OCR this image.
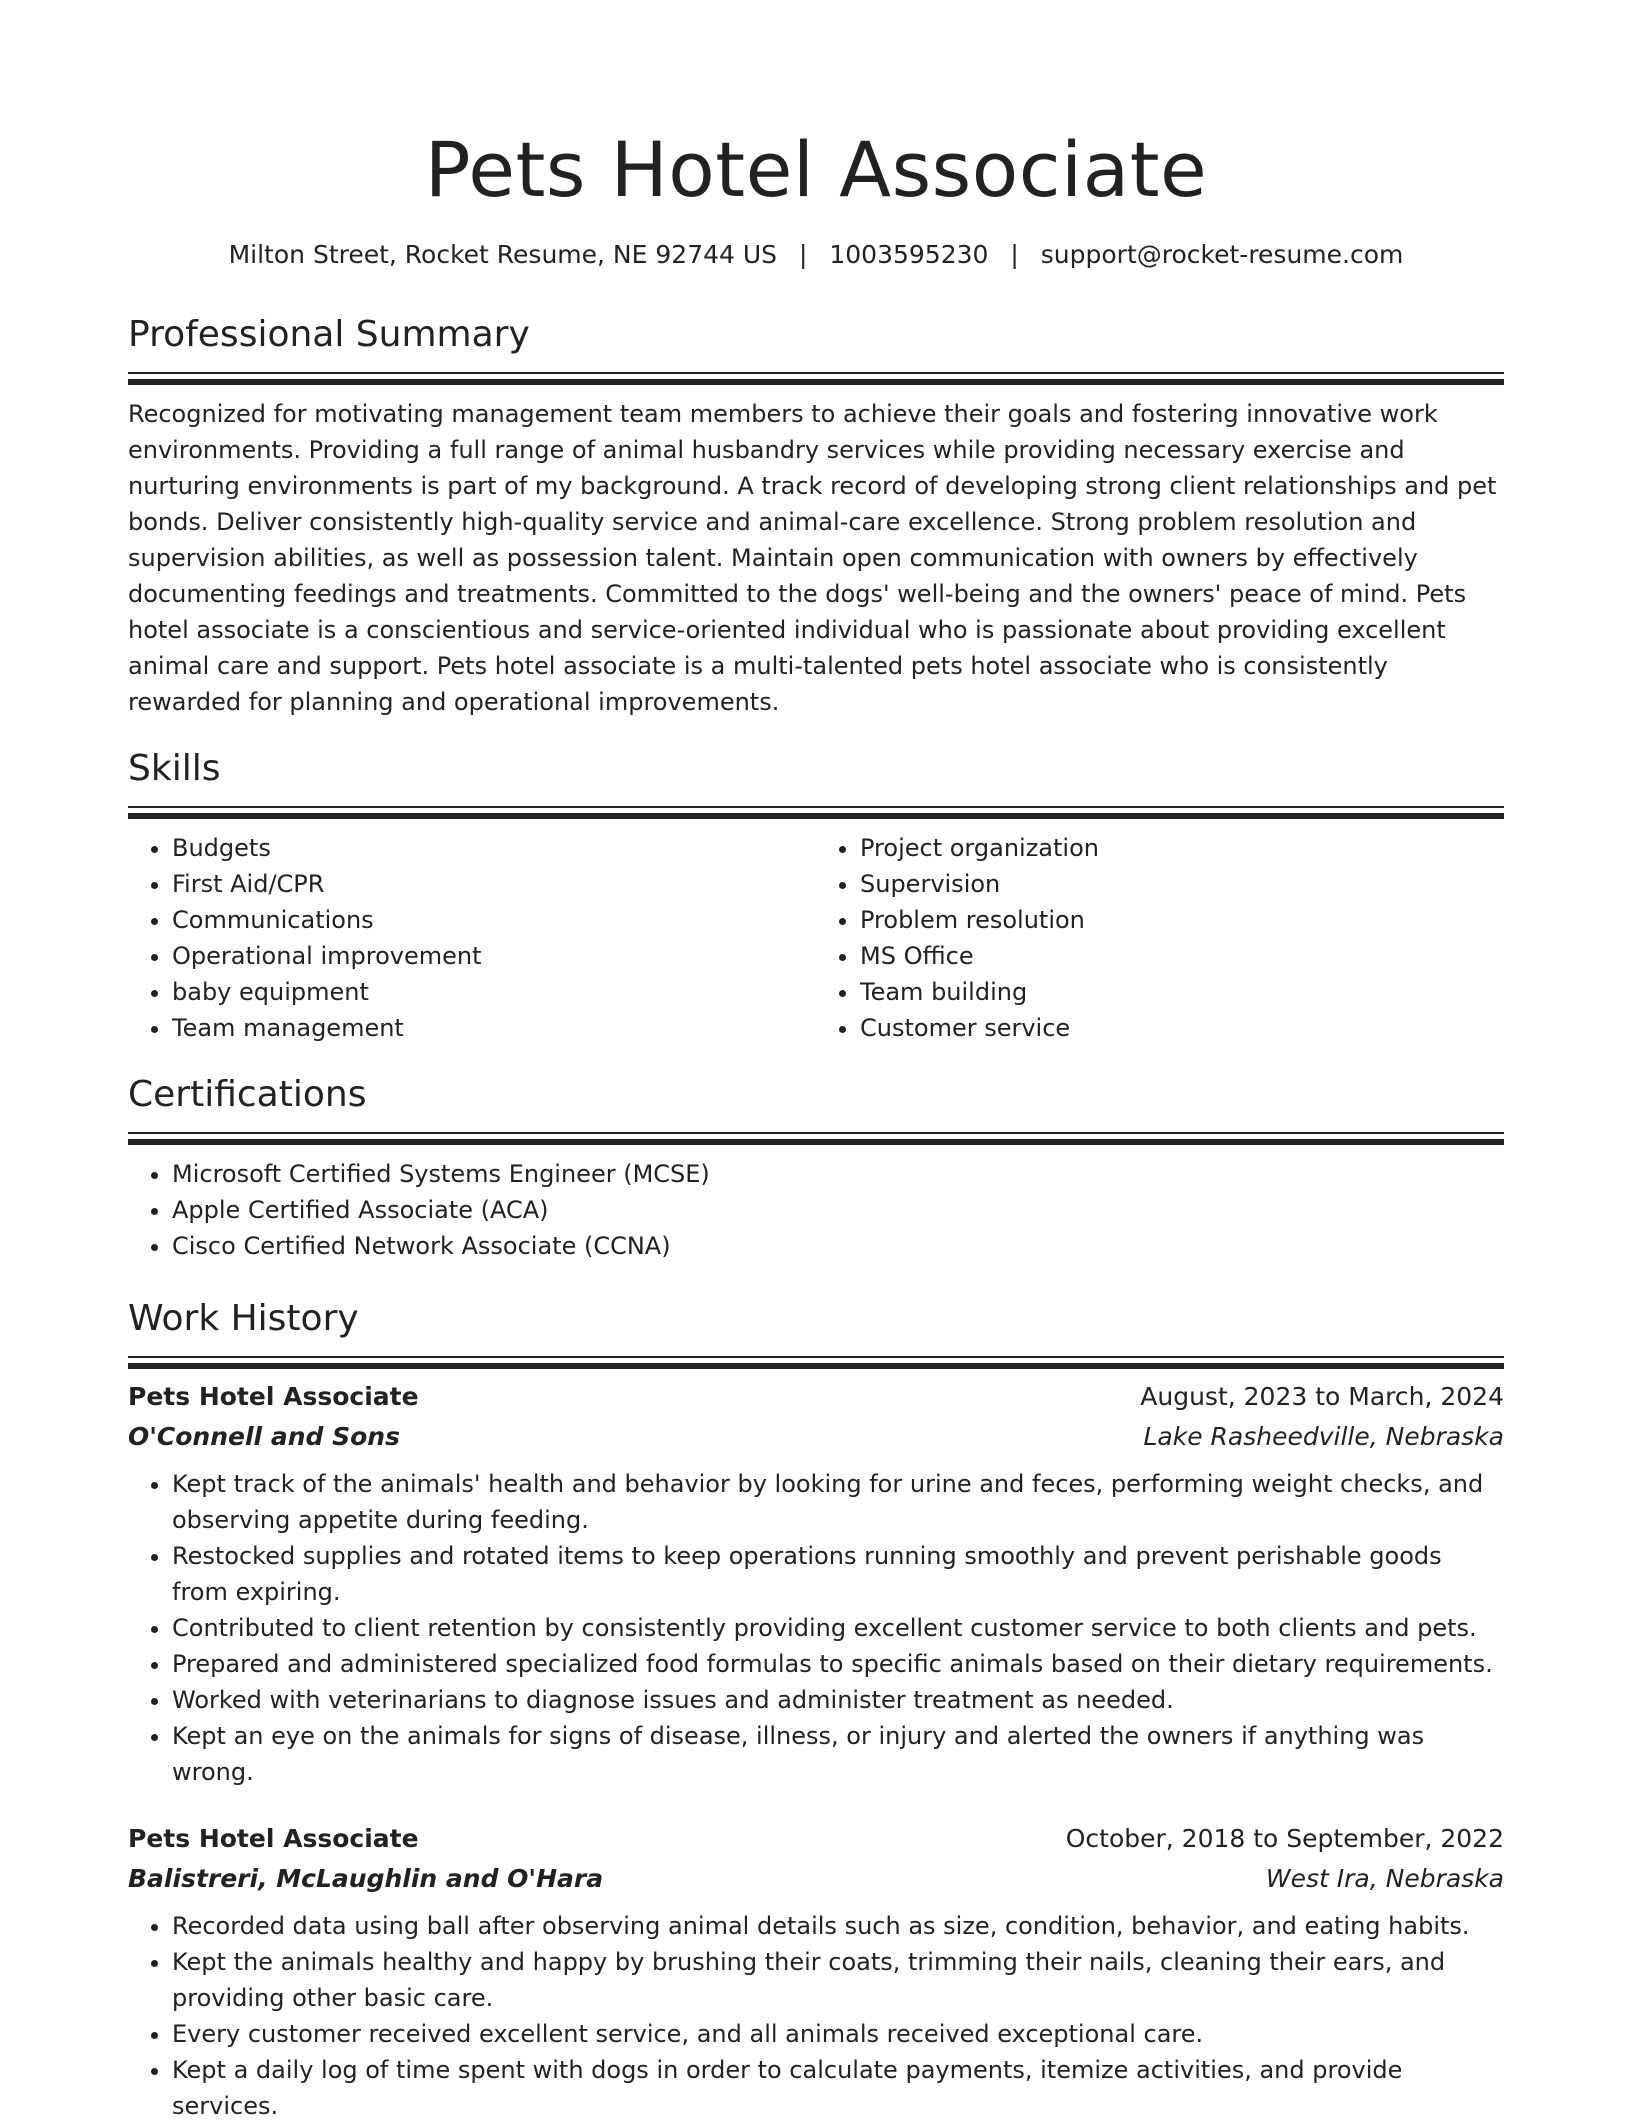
Pets Hotel Associate
Milton Street, Rocket Resume, NE 92744 US | 1003595230 | support@rocket-resume.com
Professional Summary

Recognized for motivating management team members to achieve their goals and fostering innovative work environments. Providing a full range of animal husbandry services while providing necessary exercise and nurturing environments is part of my background. A track record of developing strong client relationships and pet bonds. Deliver consistently high-quality service and animal-care excellence. Strong problem resolution and supervision abilities, as well as possession talent. Maintain open communication with owners by effectively documenting feedings and treatments. Committed to the dogs' well-being and the owners' peace of mind. Pets hotel associate is a conscientious and service-oriented individual who is passionate about providing excellent animal care and support. Pets hotel associate is a multi-talented pets hotel associate who is consistently rewarded for planning and operational improvements.

Skills
• Budgets
• First Aid/CPR
• Communications
• Operational improvement
• baby equipment
• Team management
• Project organization
• Supervision
• Problem resolution
• MS Office
• Team building
• Customer service
Certifications
• Microsoft Certified Systems Engineer (MCSE)
• Apple Certified Associate (ACA)
• Cisco Certified Network Associate (CCNA)
Work History
Pets Hotel Associate	August, 2023 to March, 2024
O'Connell and Sons	Lake Rasheedville, Nebraska
• Kept track of the animals' health and behavior by looking for urine and feces, performing weight checks, and observing appetite during feeding.
• Restocked supplies and rotated items to keep operations running smoothly and prevent perishable goods from expiring.
• Contributed to client retention by consistently providing excellent customer service to both clients and pets.
• Prepared and administered specialized food formulas to specific animals based on their dietary requirements.
• Worked with veterinarians to diagnose issues and administer treatment as needed.
• Kept an eye on the animals for signs of disease, illness, or injury and alerted the owners if anything was wrong.
Pets Hotel Associate	October, 2018 to September, 2022
Balistreri, McLaughlin and O'Hara	West Ira, Nebraska
• Recorded data using ball after observing animal details such as size, condition, behavior, and eating habits.
• Kept the animals healthy and happy by brushing their coats, trimming their nails, cleaning their ears, and providing other basic care.
• Every customer received excellent service, and all animals received exceptional care.
• Kept a daily log of time spent with dogs in order to calculate payments, itemize activities, and provide services.
